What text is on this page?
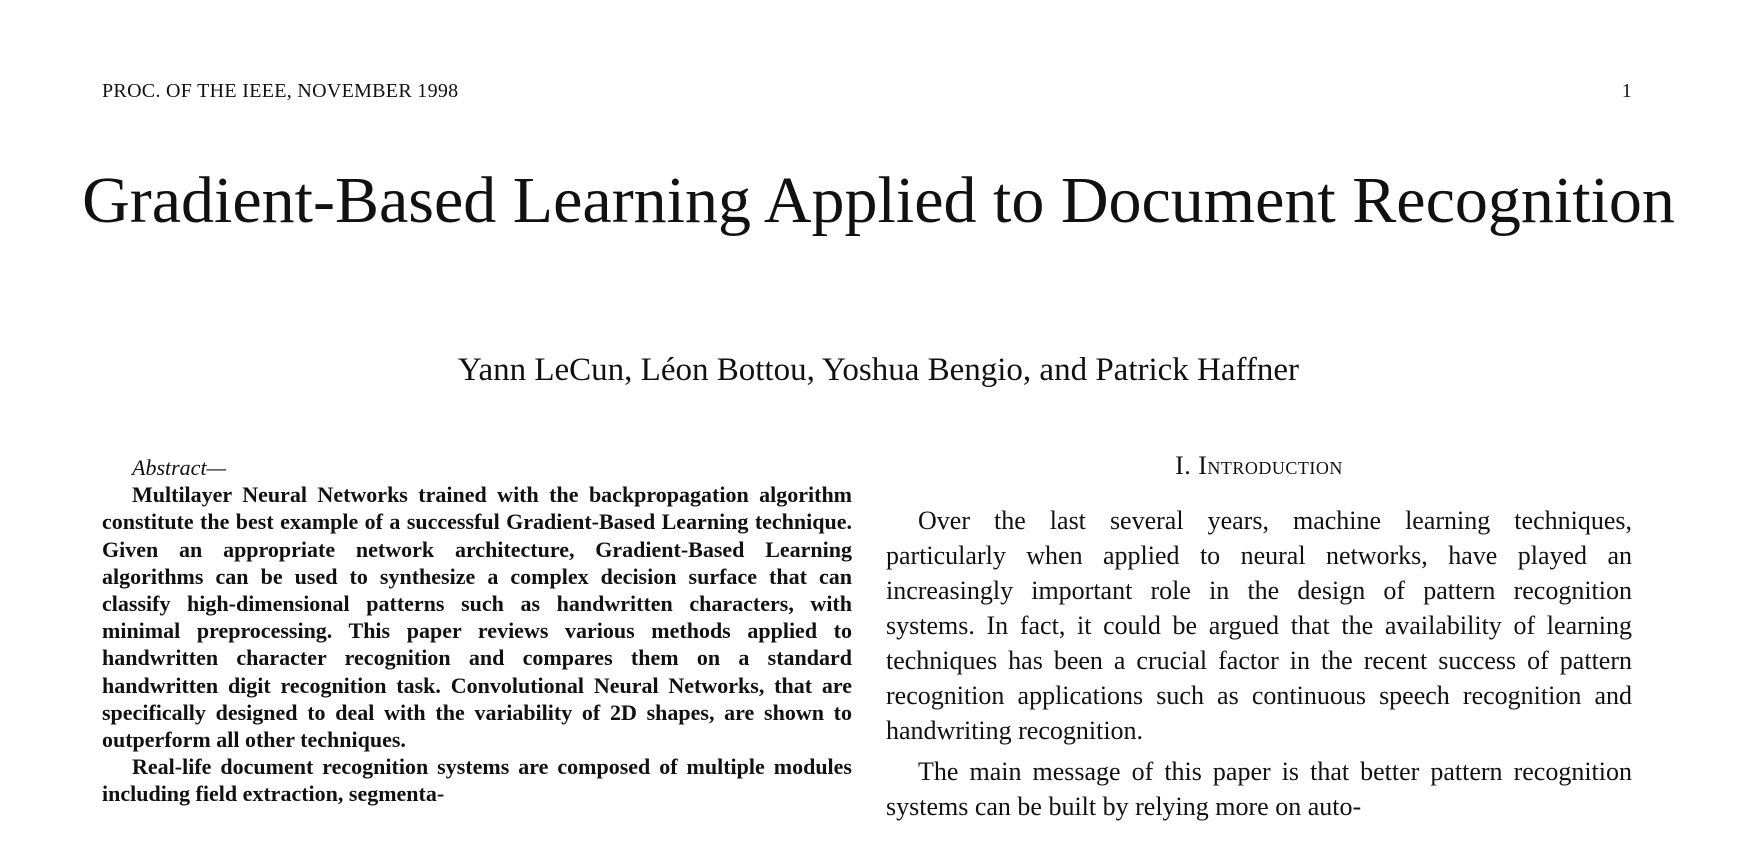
PROC. OF THE IEEE, NOVEMBER 1998	1
Gradient-Based Learning Applied to Document Recognition
Yann LeCun, Léon Bottou, Yoshua Bengio, and Patrick Haffner
Abstract—

Multilayer Neural Networks trained with the backpropagation algorithm constitute the best example of a successful Gradient-Based Learning technique. Given an appropriate network architecture, Gradient-Based Learning algorithms can be used to synthesize a complex decision surface that can classify high-dimensional patterns such as handwritten characters, with minimal preprocessing. This paper reviews various methods applied to handwritten character recognition and compares them on a standard handwritten digit recognition task. Convolutional Neural Networks, that are specifically designed to deal with the variability of 2D shapes, are shown to outperform all other techniques.

Real-life document recognition systems are composed of multiple modules including field extraction, segmenta-

I. Introduction

Over the last several years, machine learning techniques, particularly when applied to neural networks, have played an increasingly important role in the design of pattern recognition systems. In fact, it could be argued that the availability of learning techniques has been a crucial factor in the recent success of pattern recognition applications such as continuous speech recognition and handwriting recognition.

The main message of this paper is that better pattern recognition systems can be built by relying more on auto-
